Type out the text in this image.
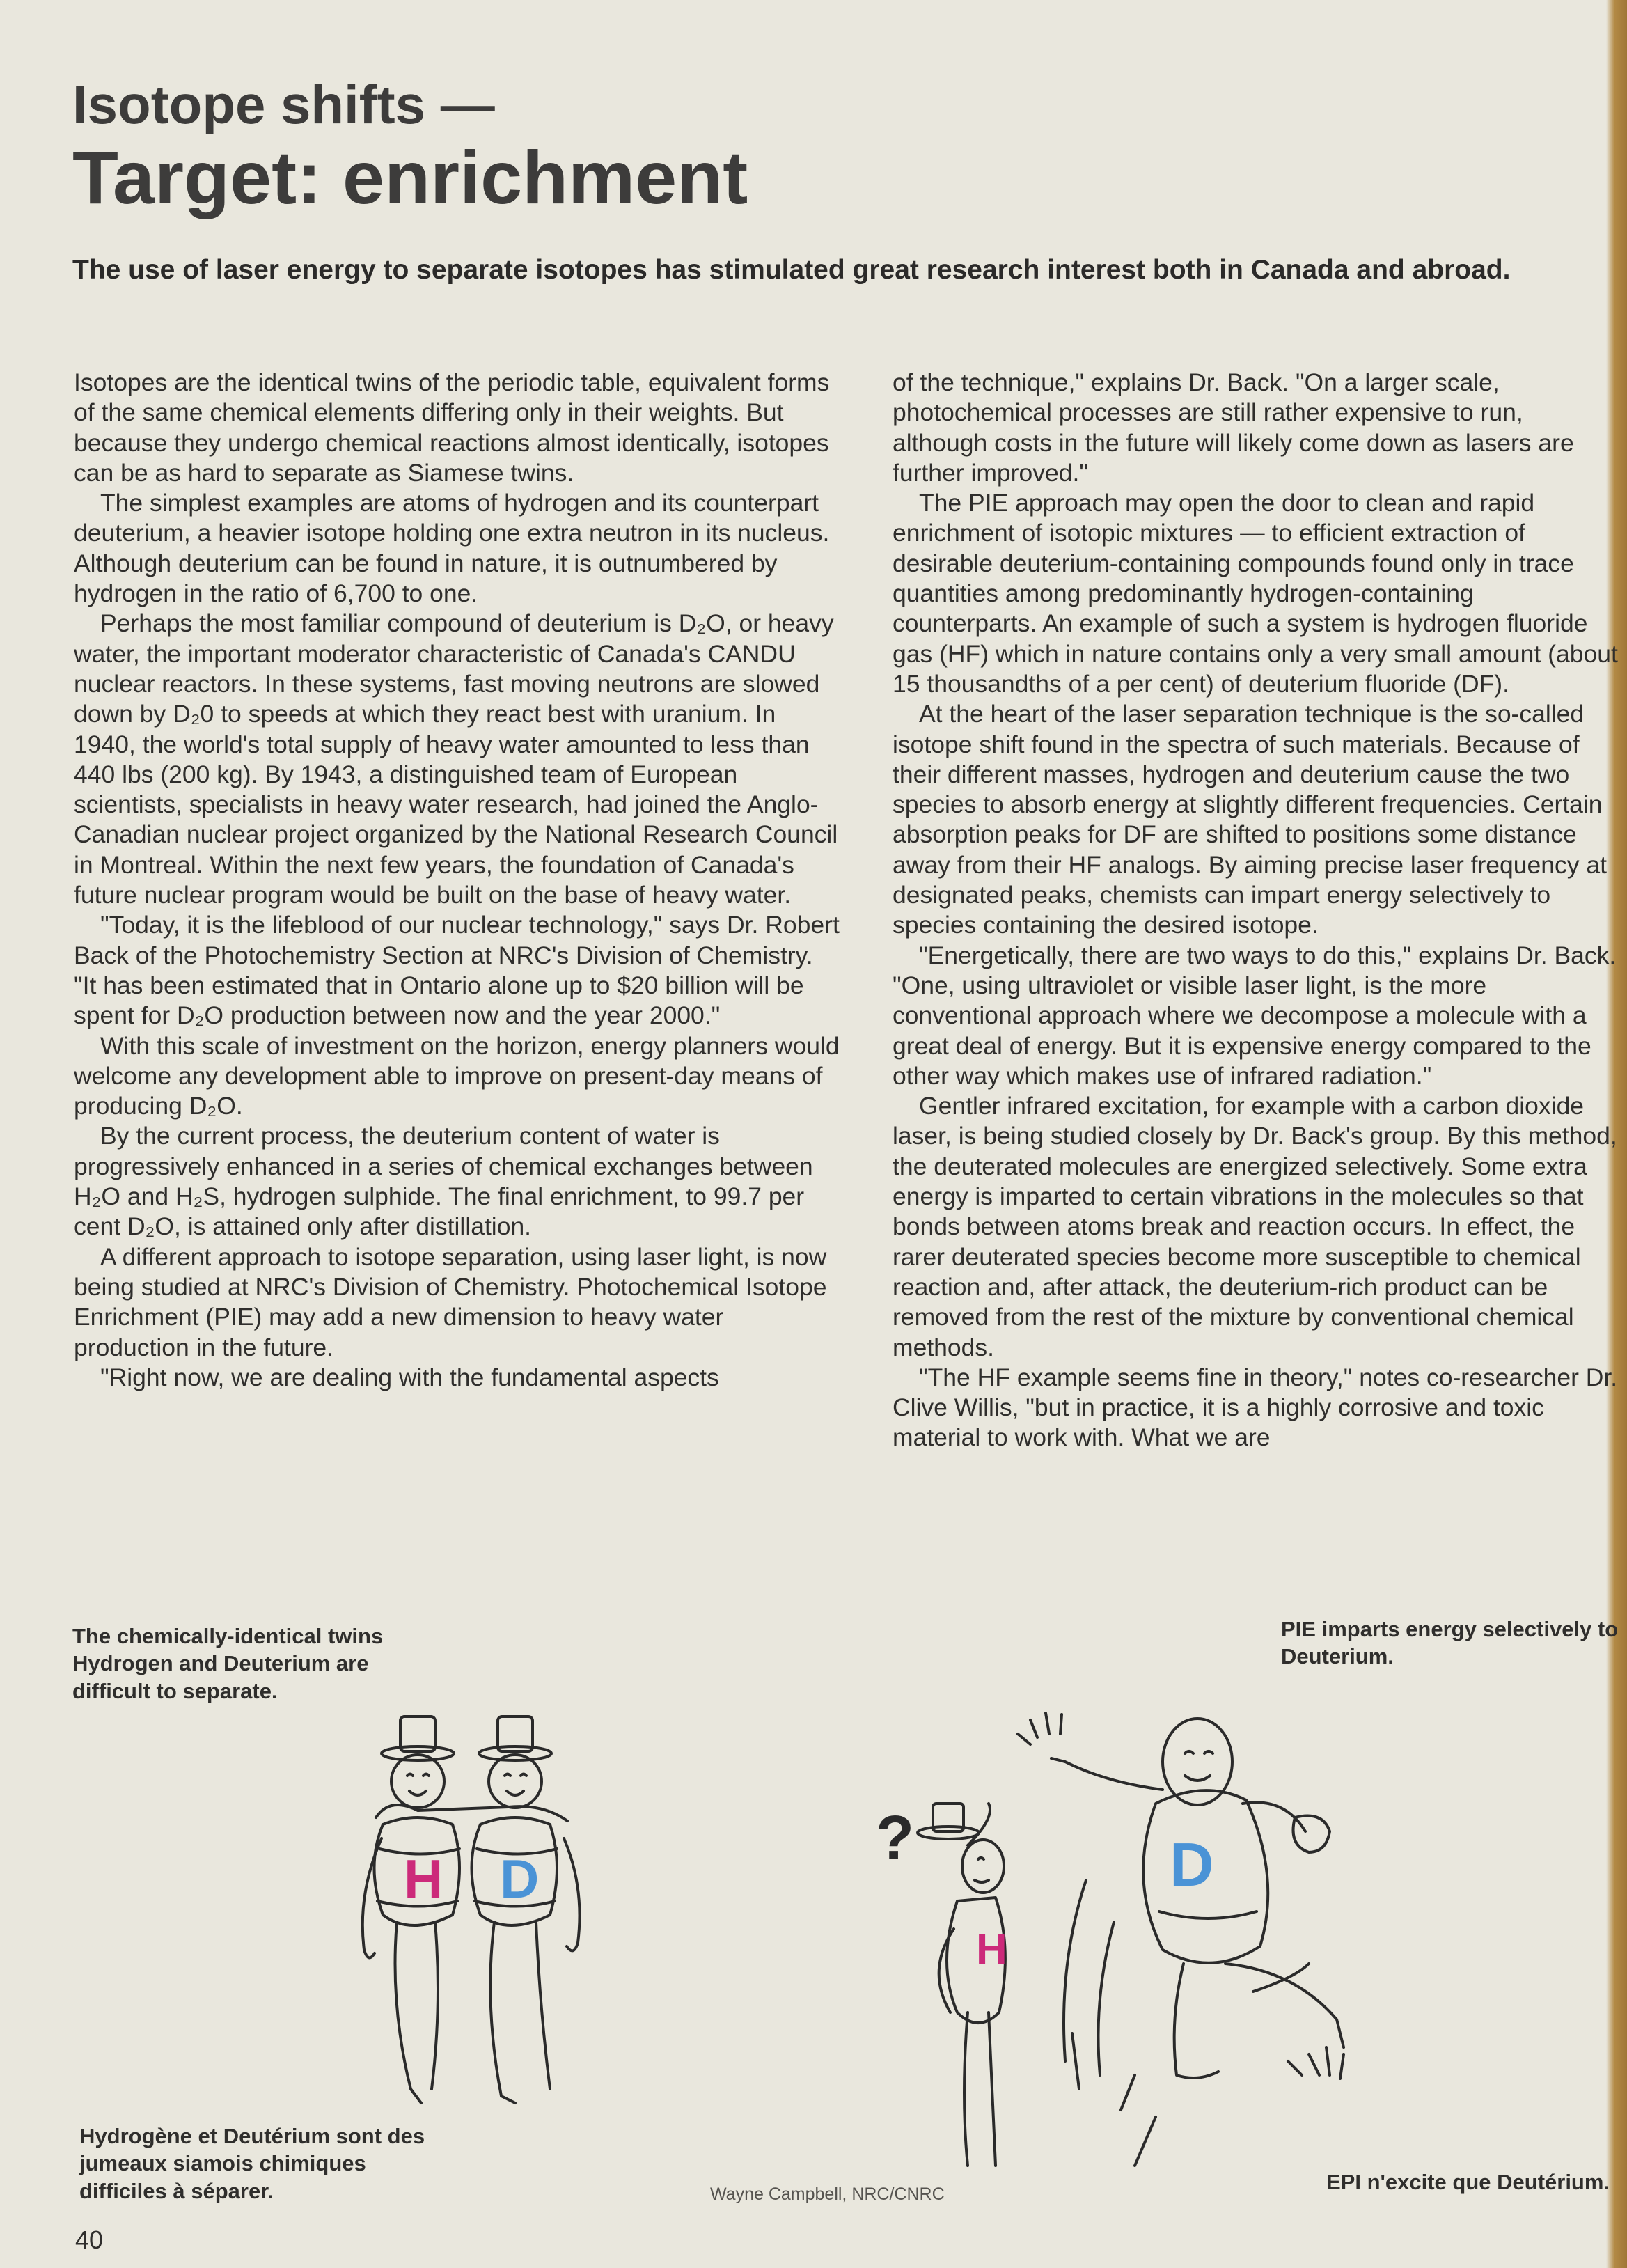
Isotope shifts —
Target: enrichment

The use of laser energy to separate isotopes has stimulated great research interest both in Canada and abroad.

Isotopes are the identical twins of the periodic table, equivalent forms of the same chemical elements differing only in their weights. But because they undergo chemical reactions almost identically, isotopes can be as hard to separate as Siamese twins.

The simplest examples are atoms of hydrogen and its counterpart deuterium, a heavier isotope holding one extra neutron in its nucleus. Although deuterium can be found in nature, it is outnumbered by hydrogen in the ratio of 6,700 to one.

Perhaps the most familiar compound of deuterium is D₂O, or heavy water, the important moderator characteristic of Canada's CANDU nuclear reactors. In these systems, fast moving neutrons are slowed down by D₂0 to speeds at which they react best with uranium. In 1940, the world's total supply of heavy water amounted to less than 440 lbs (200 kg). By 1943, a distinguished team of European scientists, specialists in heavy water research, had joined the Anglo-Canadian nuclear project organized by the National Research Council in Montreal. Within the next few years, the foundation of Canada's future nuclear program would be built on the base of heavy water.

"Today, it is the lifeblood of our nuclear technology," says Dr. Robert Back of the Photochemistry Section at NRC's Division of Chemistry. "It has been estimated that in Ontario alone up to $20 billion will be spent for D₂O production between now and the year 2000."

With this scale of investment on the horizon, energy planners would welcome any development able to improve on present-day means of producing D₂O.

By the current process, the deuterium content of water is progressively enhanced in a series of chemical exchanges between H₂O and H₂S, hydrogen sulphide. The final enrichment, to 99.7 per cent D₂O, is attained only after distillation.

A different approach to isotope separation, using laser light, is now being studied at NRC's Division of Chemistry. Photochemical Isotope Enrichment (PIE) may add a new dimension to heavy water production in the future.

"Right now, we are dealing with the fundamental aspects

of the technique," explains Dr. Back. "On a larger scale, photochemical processes are still rather expensive to run, although costs in the future will likely come down as lasers are further improved."

The PIE approach may open the door to clean and rapid enrichment of isotopic mixtures — to efficient extraction of desirable deuterium-containing compounds found only in trace quantities among predominantly hydrogen-containing counterparts. An example of such a system is hydrogen fluoride gas (HF) which in nature contains only a very small amount (about 15 thousandths of a per cent) of deuterium fluoride (DF).

At the heart of the laser separation technique is the so-called isotope shift found in the spectra of such materials. Because of their different masses, hydrogen and deuterium cause the two species to absorb energy at slightly different frequencies. Certain absorption peaks for DF are shifted to positions some distance away from their HF analogs. By aiming precise laser frequency at designated peaks, chemists can impart energy selectively to species containing the desired isotope.

"Energetically, there are two ways to do this," explains Dr. Back. "One, using ultraviolet or visible laser light, is the more conventional approach where we decompose a molecule with a great deal of energy. But it is expensive energy compared to the other way which makes use of infrared radiation."

Gentler infrared excitation, for example with a carbon dioxide laser, is being studied closely by Dr. Back's group. By this method, the deuterated molecules are energized selectively. Some extra energy is imparted to certain vibrations in the molecules so that bonds between atoms break and reaction occurs. In effect, the rarer deuterated species become more susceptible to chemical reaction and, after attack, the deuterium-rich product can be removed from the rest of the mixture by conventional chemical methods.

"The HF example seems fine in theory," notes co-researcher Dr. Clive Willis, "but in practice, it is a highly corrosive and toxic material to work with. What we are

The chemically-identical twins Hydrogen and Deuterium are difficult to separate.

PIE imparts energy selectively to Deuterium.

H D
?
H
D

Hydrogène et Deutérium sont des jumeaux siamois chimiques difficiles à séparer.	Wayne Campbell, NRC/CNRC	EPI n'excite que Deutérium.

40
